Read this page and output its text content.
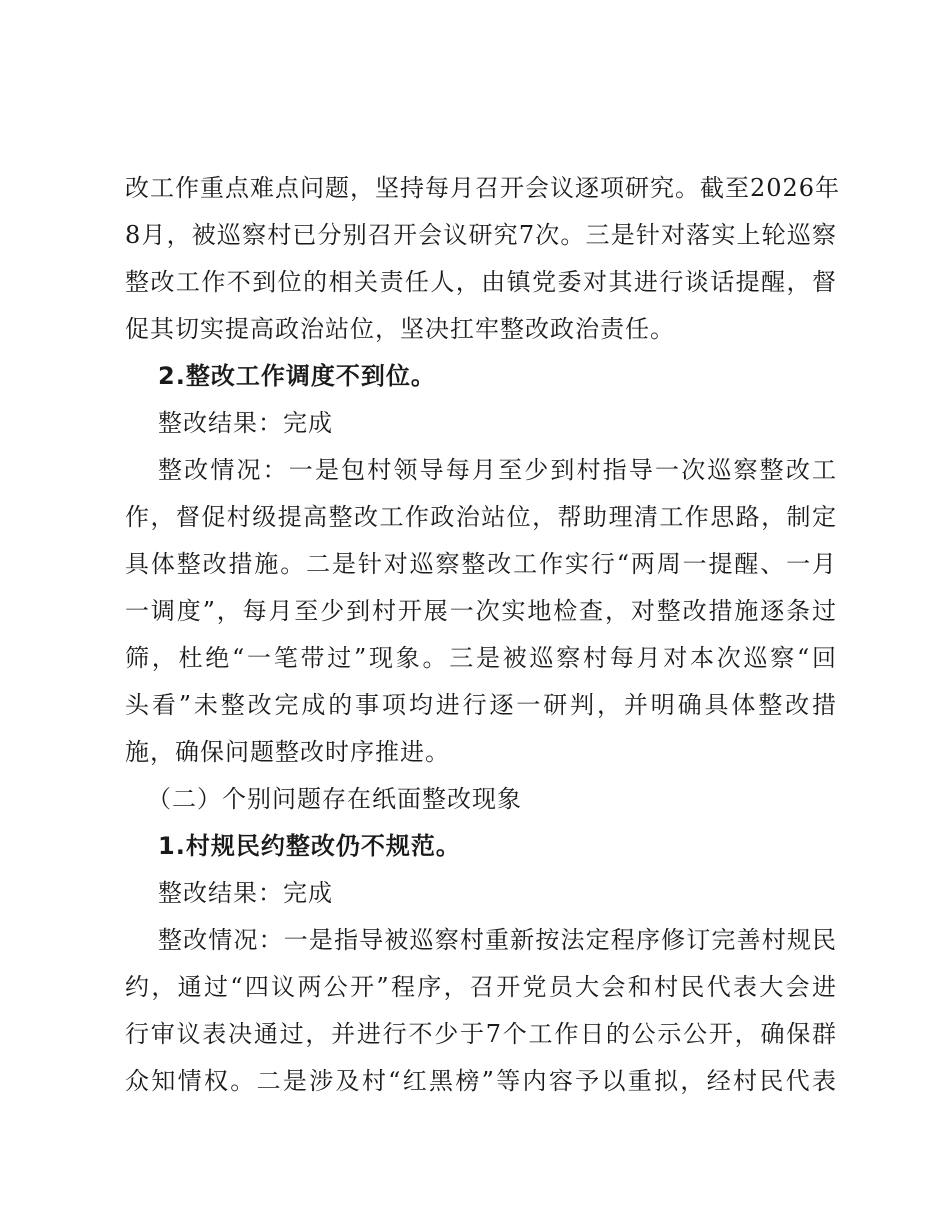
改工作重点难点问题，坚持每月召开会议逐项研究。截至2026年
8月，被巡察村已分别召开会议研究7次。三是针对落实上轮巡察
整改工作不到位的相关责任人，由镇党委对其进行谈话提醒，督
促其切实提高政治站位，坚决扛牢整改政治责任。
2.整改工作调度不到位。
整改结果：完成
整改情况：一是包村领导每月至少到村指导一次巡察整改工
作，督促村级提高整改工作政治站位，帮助理清工作思路，制定
具体整改措施。二是针对巡察整改工作实行“两周一提醒、一月
一调度”，每月至少到村开展一次实地检查，对整改措施逐条过
筛，杜绝“一笔带过”现象。三是被巡察村每月对本次巡察“回
头看”未整改完成的事项均进行逐一研判，并明确具体整改措
施，确保问题整改时序推进。
（二）个别问题存在纸面整改现象
1.村规民约整改仍不规范。
整改结果：完成
整改情况：一是指导被巡察村重新按法定程序修订完善村规民
约，通过“四议两公开”程序，召开党员大会和村民代表大会进
行审议表决通过，并进行不少于7个工作日的公示公开，确保群
众知情权。二是涉及村“红黑榜”等内容予以重拟，经村民代表
